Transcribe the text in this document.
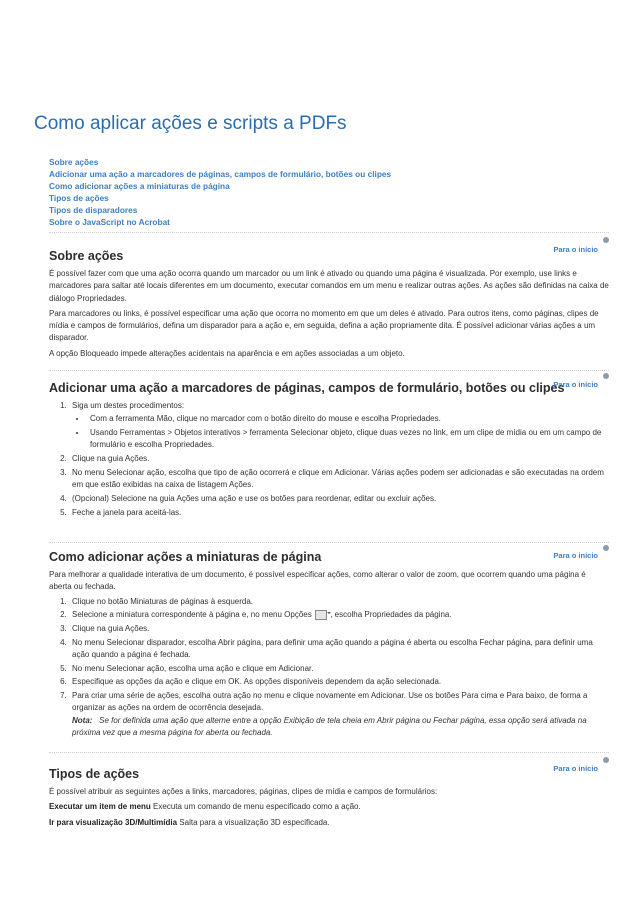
Como aplicar ações e scripts a PDFs
Sobre ações
Adicionar uma ação a marcadores de páginas, campos de formulário, botões ou clipes
Como adicionar ações a miniaturas de página
Tipos de ações
Tipos de disparadores
Sobre o JavaScript no Acrobat
Para o início
Sobre ações

É possível fazer com que uma ação ocorra quando um marcador ou um link é ativado ou quando uma página é visualizada. Por exemplo, use links e marcadores para saltar até locais diferentes em um documento, executar comandos em um menu e realizar outras ações. As ações são definidas na caixa de diálogo Propriedades.

Para marcadores ou links, é possível especificar uma ação que ocorra no momento em que um deles é ativado. Para outros itens, como páginas, clipes de mídia e campos de formulários, defina um disparador para a ação e, em seguida, defina a ação propriamente dita. É possível adicionar várias ações a um disparador.

A opção Bloqueado impede alterações acidentais na aparência e em ações associadas a um objeto.

Para o início
Adicionar uma ação a marcadores de páginas, campos de formulário, botões ou clipes
1. Siga um destes procedimentos:
• Com a ferramenta Mão, clique no marcador com o botão direito do mouse e escolha Propriedades.
• Usando Ferramentas > Objetos interativos > ferramenta Selecionar objeto, clique duas vezes no link, em um clipe de mídia ou em um campo de formulário e escolha Propriedades.
2. Clique na guia Ações.
3. No menu Selecionar ação, escolha que tipo de ação ocorrerá e clique em Adicionar. Várias ações podem ser adicionadas e são executadas na ordem em que estão exibidas na caixa de listagem Ações.
4. (Opcional) Selecione na guia Ações uma ação e use os botões para reordenar, editar ou excluir ações.
5. Feche a janela para aceitá-las.
Para o início
Como adicionar ações a miniaturas de página

Para melhorar a qualidade interativa de um documento, é possível especificar ações, como alterar o valor de zoom, que ocorrem quando uma página é aberta ou fechada.

1. Clique no botão Miniaturas de páginas à esquerda.
2. Selecione a miniatura correspondente à página e, no menu Opções , escolha Propriedades da página.
3. Clique na guia Ações.
4. No menu Selecionar disparador, escolha Abrir página, para definir uma ação quando a página é aberta ou escolha Fechar página, para definir uma ação quando a página é fechada.
5. No menu Selecionar ação, escolha uma ação e clique em Adicionar.
6. Especifique as opções da ação e clique em OK. As opções disponíveis dependem da ação selecionada.
7. Para criar uma série de ações, escolha outra ação no menu e clique novamente em Adicionar. Use os botões Para cima e Para baixo, de forma a organizar as ações na ordem de ocorrência desejada.
Nota: Se for definida uma ação que alterne entre a opção Exibição de tela cheia em Abrir página ou Fechar página, essa opção será ativada na próxima vez que a mesma página for aberta ou fechada.
Para o início
Tipos de ações

É possível atribuir as seguintes ações a links, marcadores, páginas, clipes de mídia e campos de formulários:

Executar um item de menu Executa um comando de menu especificado como a ação.

Ir para visualização 3D/Multimídia Salta para a visualização 3D especificada.
